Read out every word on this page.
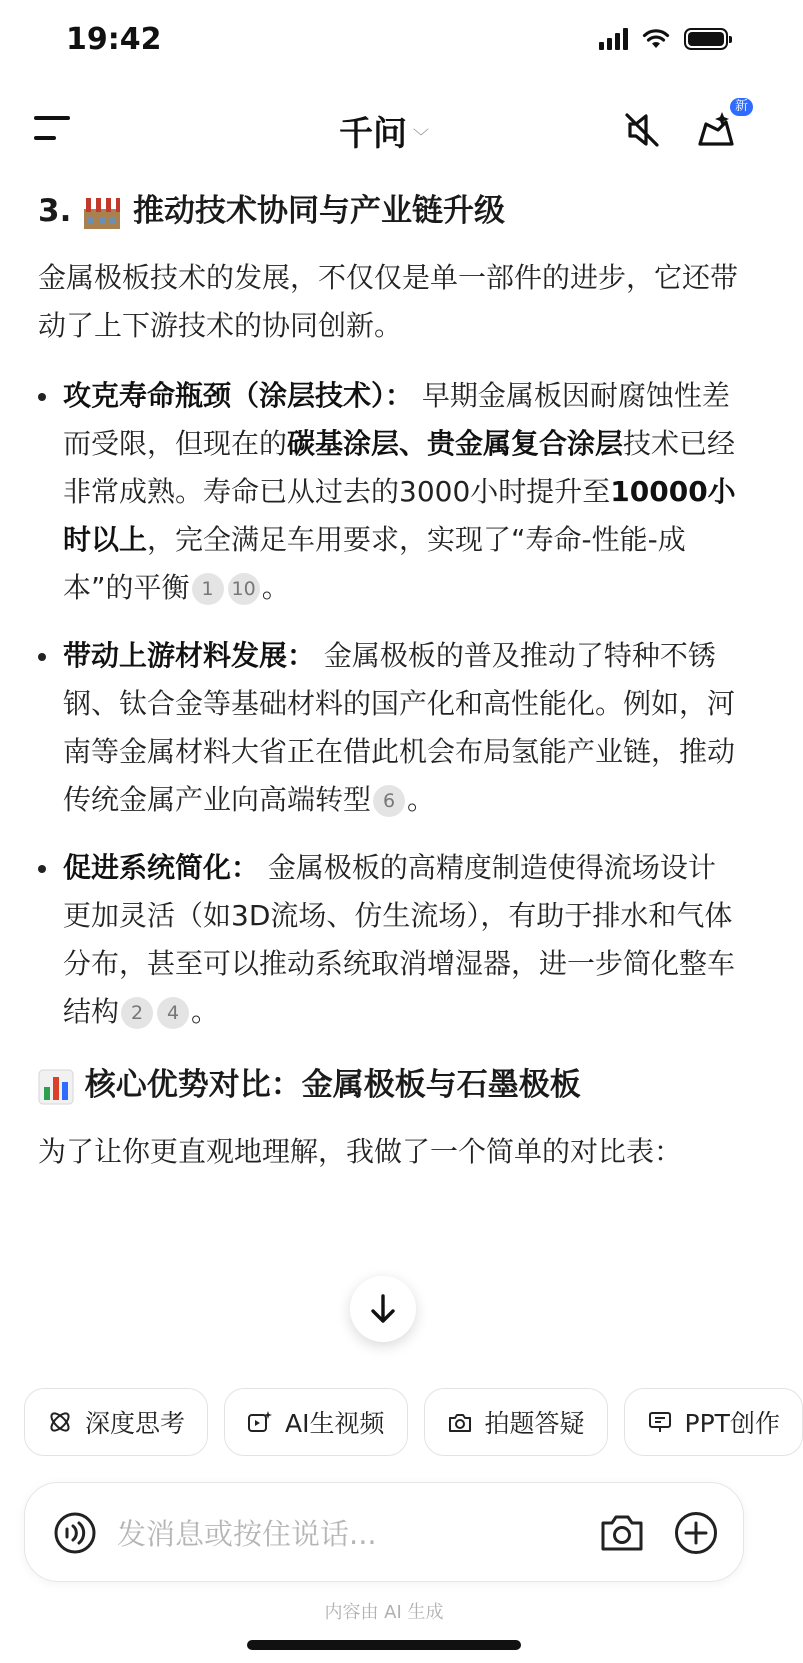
19:42
千问 ﹀
新
3. 推动技术协同与产业链升级

金属极板技术的发展，不仅仅是单一部件的进步，它还带动了上下游技术的协同创新。

攻克寿命瓶颈（涂层技术）： 早期金属板因耐腐蚀性差而受限，但现在的碳基涂层、贵金属复合涂层技术已经非常成熟。寿命已从过去的3000小时提升至10000小时以上，完全满足车用要求，实现了“寿命-性能-成本”的平衡 1 10 。
带动上游材料发展： 金属极板的普及推动了特种不锈钢、钛合金等基础材料的国产化和高性能化。例如，河南等金属材料大省正在借此机会布局氢能产业链，推动传统金属产业向高端转型 6 。
促进系统简化： 金属极板的高精度制造使得流场设计更加灵活（如3D流场、仿生流场），有助于排水和气体分布，甚至可以推动系统取消增湿器，进一步简化整车结构 2 4 。
核心优势对比：金属极板与石墨极板

为了让你更直观地理解，我做了一个简单的对比表：

深度思考	AI生视频	拍题答疑	PPT创作
发消息或按住说话...
内容由 AI 生成
